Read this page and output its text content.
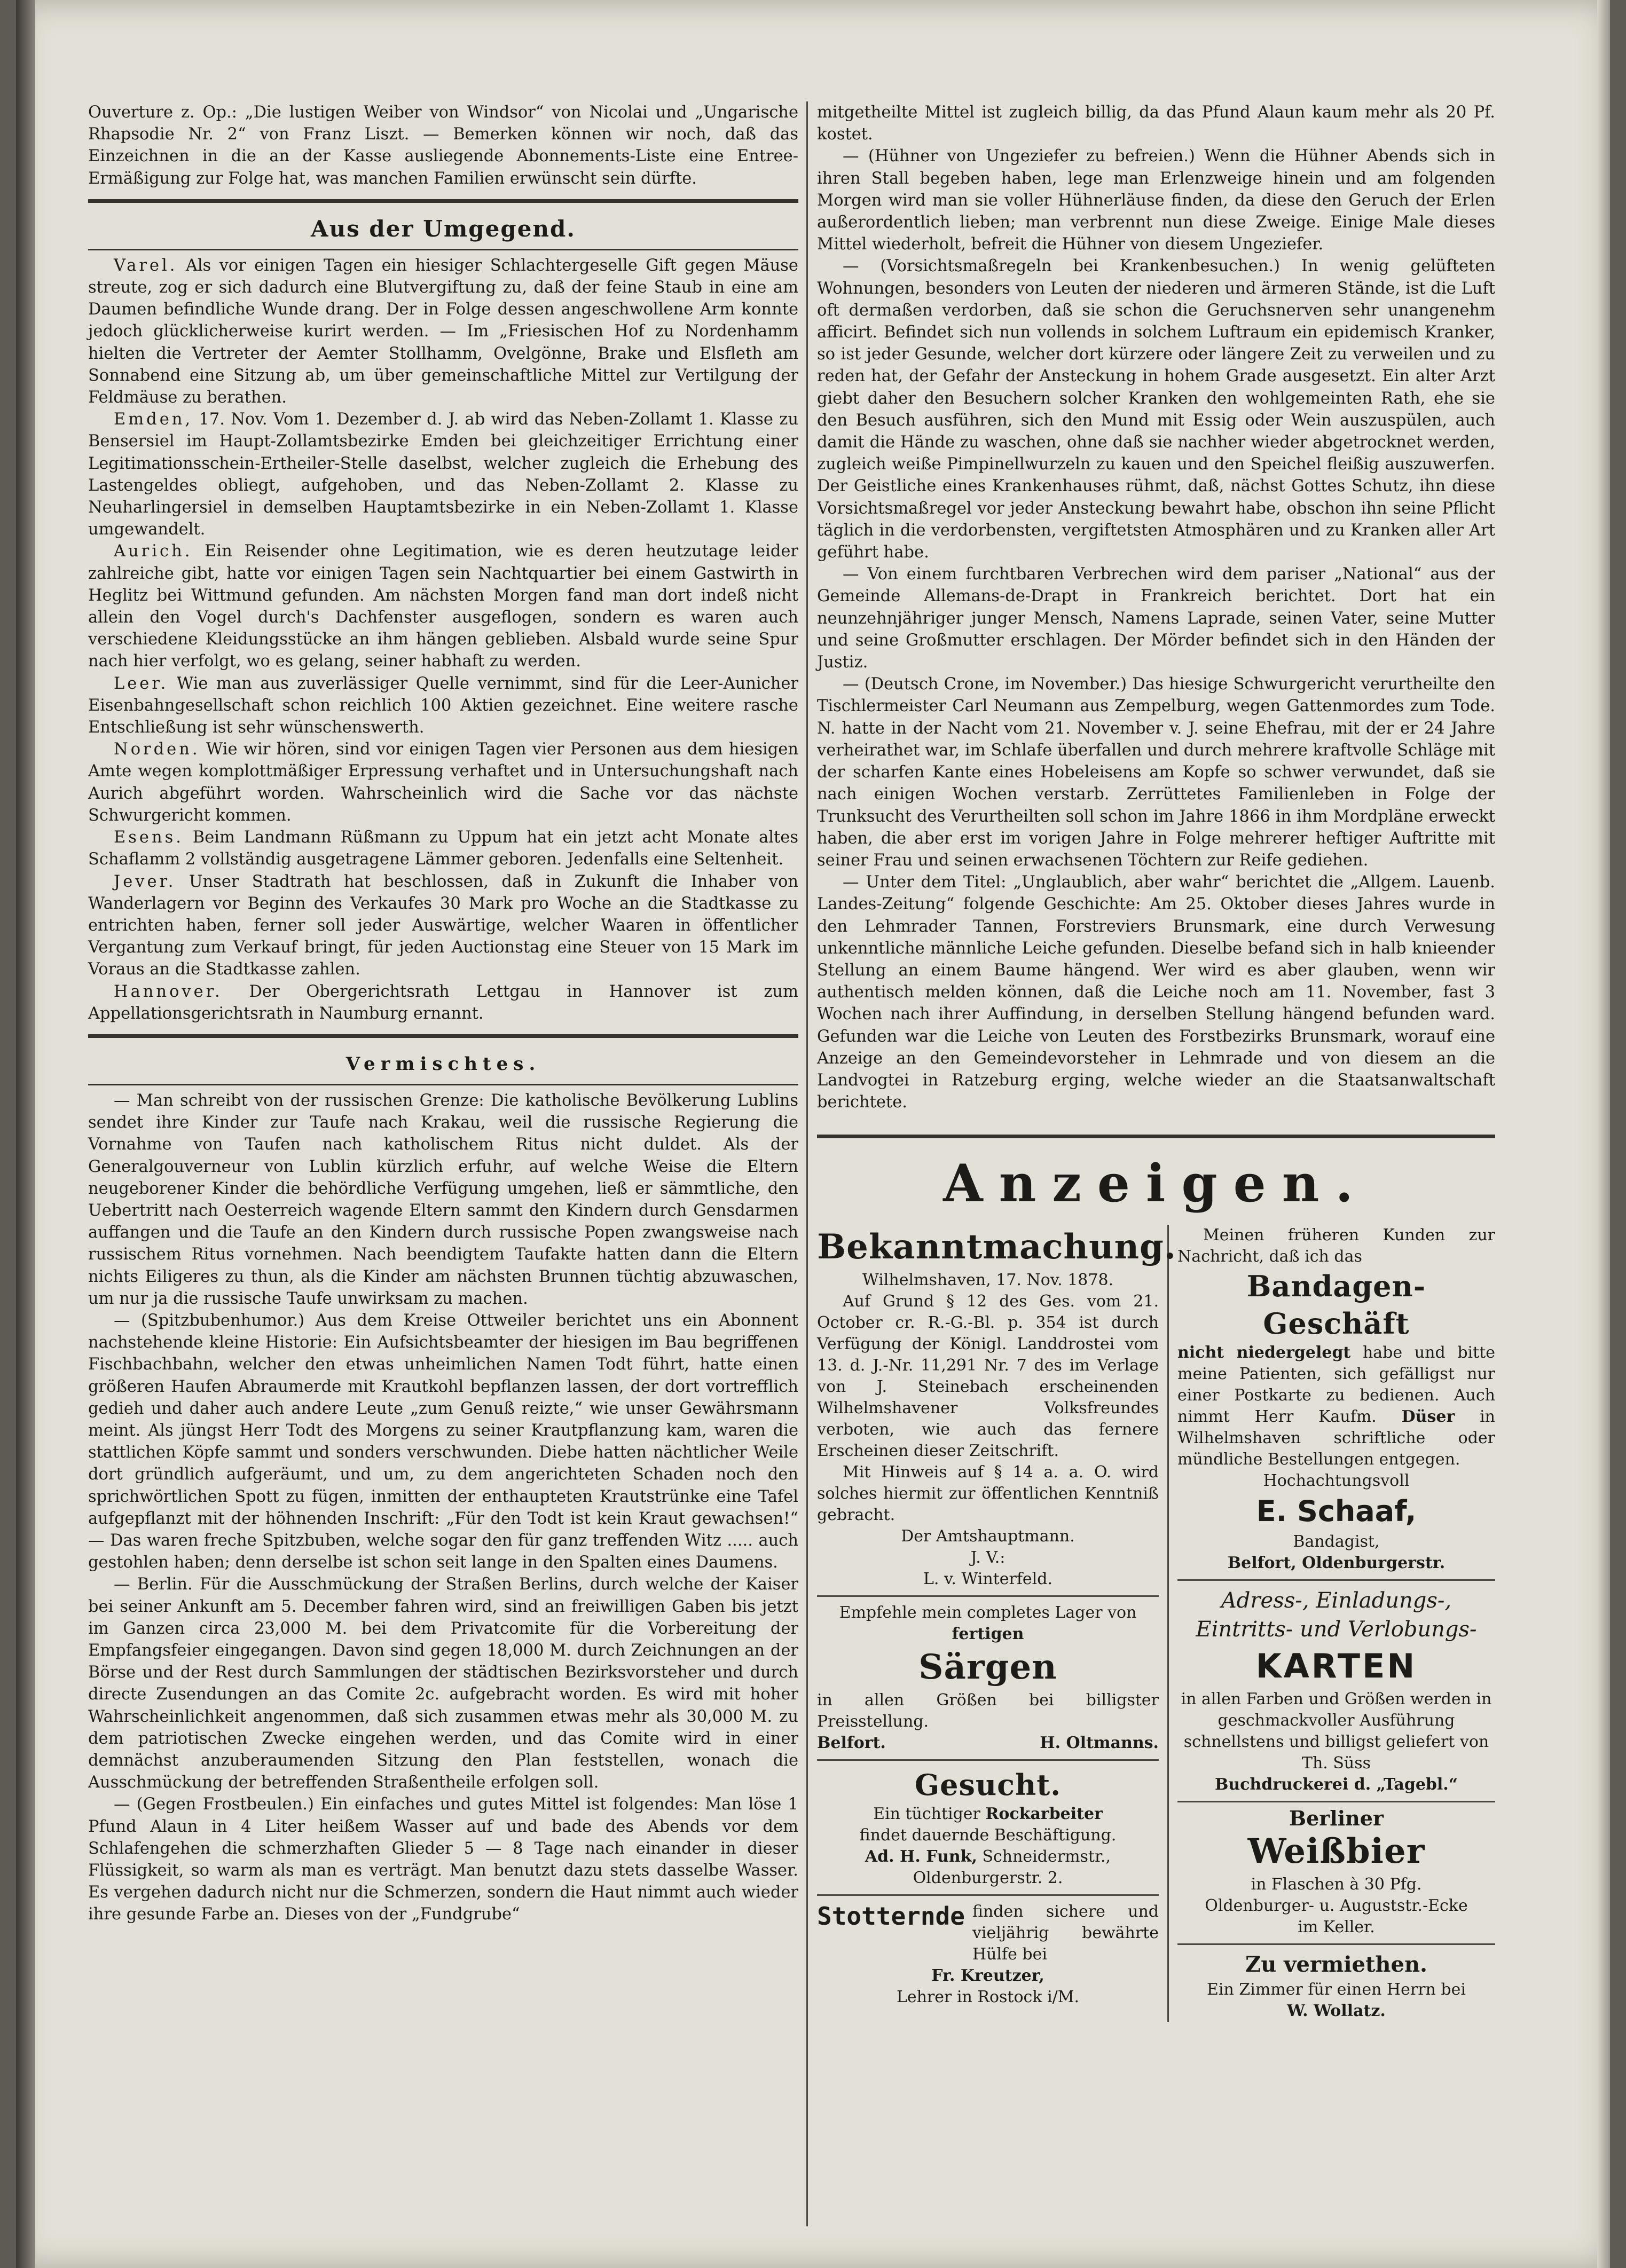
Ouverture z. Op.: „Die lustigen Weiber von Windsor“ von Nicolai und „Ungarische Rhapsodie Nr. 2“ von Franz Liszt. — Bemerken können wir noch, daß das Einzeichnen in die an der Kasse ausliegende Abonnements-Liste eine Entree-Ermäßigung zur Folge hat, was manchen Familien erwünscht sein dürfte.

Aus der Umgegend.

Varel. Als vor einigen Tagen ein hiesiger Schlachtergeselle Gift gegen Mäuse streute, zog er sich dadurch eine Blutvergiftung zu, daß der feine Staub in eine am Daumen befindliche Wunde drang. Der in Folge dessen angeschwollene Arm konnte jedoch glücklicherweise kurirt werden. — Im „Friesischen Hof zu Nordenhamm hielten die Vertreter der Aemter Stollhamm, Ovelgönne, Brake und Elsfleth am Sonnabend eine Sitzung ab, um über gemeinschaftliche Mittel zur Vertilgung der Feldmäuse zu berathen.

Emden, 17. Nov. Vom 1. Dezember d. J. ab wird das Neben-Zollamt 1. Klasse zu Bensersiel im Haupt-Zollamtsbezirke Emden bei gleichzeitiger Errichtung einer Legitimationsschein-Ertheiler-Stelle daselbst, welcher zugleich die Erhebung des Lastengeldes obliegt, aufgehoben, und das Neben-Zollamt 2. Klasse zu Neuharlingersiel in demselben Hauptamtsbezirke in ein Neben-Zollamt 1. Klasse umgewandelt.

Aurich. Ein Reisender ohne Legitimation, wie es deren heutzutage leider zahlreiche gibt, hatte vor einigen Tagen sein Nachtquartier bei einem Gastwirth in Heglitz bei Wittmund gefunden. Am nächsten Morgen fand man dort indeß nicht allein den Vogel durch's Dachfenster ausgeflogen, sondern es waren auch verschiedene Kleidungsstücke an ihm hängen geblieben. Alsbald wurde seine Spur nach hier verfolgt, wo es gelang, seiner habhaft zu werden.

Leer. Wie man aus zuverlässiger Quelle vernimmt, sind für die Leer-Aunicher Eisenbahngesellschaft schon reichlich 100 Aktien gezeichnet. Eine weitere rasche Entschließung ist sehr wünschenswerth.

Norden. Wie wir hören, sind vor einigen Tagen vier Personen aus dem hiesigen Amte wegen komplottmäßiger Erpressung verhaftet und in Untersuchungshaft nach Aurich abgeführt worden. Wahrscheinlich wird die Sache vor das nächste Schwurgericht kommen.

Esens. Beim Landmann Rüßmann zu Uppum hat ein jetzt acht Monate altes Schaflamm 2 vollständig ausgetragene Lämmer geboren. Jedenfalls eine Seltenheit.

Jever. Unser Stadtrath hat beschlossen, daß in Zukunft die Inhaber von Wanderlagern vor Beginn des Verkaufes 30 Mark pro Woche an die Stadtkasse zu entrichten haben, ferner soll jeder Auswärtige, welcher Waaren in öffentlicher Vergantung zum Verkauf bringt, für jeden Auctionstag eine Steuer von 15 Mark im Voraus an die Stadtkasse zahlen.

Hannover. Der Obergerichtsrath Lettgau in Hannover ist zum Appellationsgerichtsrath in Naumburg ernannt.

Vermischtes.

— Man schreibt von der russischen Grenze: Die katholische Bevölkerung Lublins sendet ihre Kinder zur Taufe nach Krakau, weil die russische Regierung die Vornahme von Taufen nach katholischem Ritus nicht duldet. Als der Generalgouverneur von Lublin kürzlich erfuhr, auf welche Weise die Eltern neugeborener Kinder die behördliche Verfügung umgehen, ließ er sämmtliche, den Uebertritt nach Oesterreich wagende Eltern sammt den Kindern durch Gensdarmen auffangen und die Taufe an den Kindern durch russische Popen zwangsweise nach russischem Ritus vornehmen. Nach beendigtem Taufakte hatten dann die Eltern nichts Eiligeres zu thun, als die Kinder am nächsten Brunnen tüchtig abzuwaschen, um nur ja die russische Taufe unwirksam zu machen.

— (Spitzbubenhumor.) Aus dem Kreise Ottweiler berichtet uns ein Abonnent nachstehende kleine Historie: Ein Aufsichtsbeamter der hiesigen im Bau begriffenen Fischbachbahn, welcher den etwas unheimlichen Namen Todt führt, hatte einen größeren Haufen Abraumerde mit Krautkohl bepflanzen lassen, der dort vortrefflich gedieh und daher auch andere Leute „zum Genuß reizte,“ wie unser Gewährsmann meint. Als jüngst Herr Todt des Morgens zu seiner Krautpflanzung kam, waren die stattlichen Köpfe sammt und sonders verschwunden. Diebe hatten nächtlicher Weile dort gründlich aufgeräumt, und um, zu dem angerichteten Schaden noch den sprichwörtlichen Spott zu fügen, inmitten der enthaupteten Krautstrünke eine Tafel aufgepflanzt mit der höhnenden Inschrift: „Für den Todt ist kein Kraut gewachsen!“ — Das waren freche Spitzbuben, welche sogar den für ganz treffenden Witz ..... auch gestohlen haben; denn derselbe ist schon seit lange in den Spalten eines Daumens.

— Berlin. Für die Ausschmückung der Straßen Berlins, durch welche der Kaiser bei seiner Ankunft am 5. December fahren wird, sind an freiwilligen Gaben bis jetzt im Ganzen circa 23,000 M. bei dem Privatcomite für die Vorbereitung der Empfangsfeier eingegangen. Davon sind gegen 18,000 M. durch Zeichnungen an der Börse und der Rest durch Sammlungen der städtischen Bezirksvorsteher und durch directe Zusendungen an das Comite 2c. aufgebracht worden. Es wird mit hoher Wahrscheinlichkeit angenommen, daß sich zusammen etwas mehr als 30,000 M. zu dem patriotischen Zwecke eingehen werden, und das Comite wird in einer demnächst anzuberaumenden Sitzung den Plan feststellen, wonach die Ausschmückung der betreffenden Straßentheile erfolgen soll.

— (Gegen Frostbeulen.) Ein einfaches und gutes Mittel ist folgendes: Man löse 1 Pfund Alaun in 4 Liter heißem Wasser auf und bade des Abends vor dem Schlafengehen die schmerzhaften Glieder 5 — 8 Tage nach einander in dieser Flüssigkeit, so warm als man es verträgt. Man benutzt dazu stets dasselbe Wasser. Es vergehen dadurch nicht nur die Schmerzen, sondern die Haut nimmt auch wieder ihre gesunde Farbe an. Dieses von der „Fundgrube“

mitgetheilte Mittel ist zugleich billig, da das Pfund Alaun kaum mehr als 20 Pf. kostet.

— (Hühner von Ungeziefer zu befreien.) Wenn die Hühner Abends sich in ihren Stall begeben haben, lege man Erlenzweige hinein und am folgenden Morgen wird man sie voller Hühnerläuse finden, da diese den Geruch der Erlen außerordentlich lieben; man verbrennt nun diese Zweige. Einige Male dieses Mittel wiederholt, befreit die Hühner von diesem Ungeziefer.

— (Vorsichtsmaßregeln bei Krankenbesuchen.) In wenig gelüfteten Wohnungen, besonders von Leuten der niederen und ärmeren Stände, ist die Luft oft dermaßen verdorben, daß sie schon die Geruchsnerven sehr unangenehm afficirt. Befindet sich nun vollends in solchem Luftraum ein epidemisch Kranker, so ist jeder Gesunde, welcher dort kürzere oder längere Zeit zu verweilen und zu reden hat, der Gefahr der Ansteckung in hohem Grade ausgesetzt. Ein alter Arzt giebt daher den Besuchern solcher Kranken den wohlgemeinten Rath, ehe sie den Besuch ausführen, sich den Mund mit Essig oder Wein auszuspülen, auch damit die Hände zu waschen, ohne daß sie nachher wieder abgetrocknet werden, zugleich weiße Pimpinellwurzeln zu kauen und den Speichel fleißig auszuwerfen. Der Geistliche eines Krankenhauses rühmt, daß, nächst Gottes Schutz, ihn diese Vorsichtsmaßregel vor jeder Ansteckung bewahrt habe, obschon ihn seine Pflicht täglich in die verdorbensten, vergiftetsten Atmosphären und zu Kranken aller Art geführt habe.

— Von einem furchtbaren Verbrechen wird dem pariser „National“ aus der Gemeinde Allemans-de-Drapt in Frankreich berichtet. Dort hat ein neunzehnjähriger junger Mensch, Namens Laprade, seinen Vater, seine Mutter und seine Großmutter erschlagen. Der Mörder befindet sich in den Händen der Justiz.

— (Deutsch Crone, im November.) Das hiesige Schwurgericht verurtheilte den Tischlermeister Carl Neumann aus Zempelburg, wegen Gattenmordes zum Tode. N. hatte in der Nacht vom 21. November v. J. seine Ehefrau, mit der er 24 Jahre verheirathet war, im Schlafe überfallen und durch mehrere kraftvolle Schläge mit der scharfen Kante eines Hobeleisens am Kopfe so schwer verwundet, daß sie nach einigen Wochen verstarb. Zerrüttetes Familienleben in Folge der Trunksucht des Verurtheilten soll schon im Jahre 1866 in ihm Mordpläne erweckt haben, die aber erst im vorigen Jahre in Folge mehrerer heftiger Auftritte mit seiner Frau und seinen erwachsenen Töchtern zur Reife gediehen.

— Unter dem Titel: „Unglaublich, aber wahr“ berichtet die „Allgem. Lauenb. Landes-Zeitung“ folgende Geschichte: Am 25. Oktober dieses Jahres wurde in den Lehmrader Tannen, Forstreviers Brunsmark, eine durch Verwesung unkenntliche männliche Leiche gefunden. Dieselbe befand sich in halb knieender Stellung an einem Baume hängend. Wer wird es aber glauben, wenn wir authentisch melden können, daß die Leiche noch am 11. November, fast 3 Wochen nach ihrer Auffindung, in derselben Stellung hängend befunden ward. Gefunden war die Leiche von Leuten des Forstbezirks Brunsmark, worauf eine Anzeige an den Gemeindevorsteher in Lehmrade und von diesem an die Landvogtei in Ratzeburg erging, welche wieder an die Staatsanwaltschaft berichtete.

Anzeigen.
Bekanntmachung.
Wilhelmshaven, 17. Nov. 1878.

Auf Grund § 12 des Ges. vom 21. October cr. R.-G.-Bl. p. 354 ist durch Verfügung der Königl. Landdrostei vom 13. d. J.-Nr. 11,291 Nr. 7 des im Verlage von J. Steinebach erscheinenden Wilhelmshavener Volksfreundes verboten, wie auch das fernere Erscheinen dieser Zeitschrift.

Mit Hinweis auf § 14 a. a. O. wird solches hiermit zur öffentlichen Kenntniß gebracht.

Der Amtshauptmann.
J. V.:
L. v. Winterfeld.
Empfehle mein completes Lager von fertigen
Särgen
in allen Größen bei billigster Preisstellung.
Belfort.	H. Oltmanns.
Gesucht.
Ein tüchtiger Rockarbeiter
findet dauernde Beschäftigung.
Ad. H. Funk, Schneidermstr.,
Oldenburgerstr. 2.
Stotternde finden sichere und vieljährig bewährte Hülfe bei
Fr. Kreutzer,
Lehrer in Rostock i/M.

Meinen früheren Kunden zur Nachricht, daß ich das

Bandagen-Geschäft

nicht niedergelegt habe und bitte meine Patienten, sich gefälligst nur einer Postkarte zu bedienen. Auch nimmt Herr Kaufm. Düser in Wilhelmshaven schriftliche oder mündliche Bestellungen entgegen.

Hochachtungsvoll
E. Schaaf,
Bandagist,
Belfort, Oldenburgerstr.
Adress-, Einladungs-,
Eintritts- und Verlobungs-
KARTEN
in allen Farben und Größen werden in geschmackvoller Ausführung schnellstens und billigst geliefert von
Th. Süss
Buchdruckerei d. „Tagebl.“
Berliner
Weißbier
in Flaschen à 30 Pfg.
Oldenburger- u. Auguststr.-Ecke
im Keller.
Zu vermiethen.
Ein Zimmer für einen Herrn bei
W. Wollatz.
